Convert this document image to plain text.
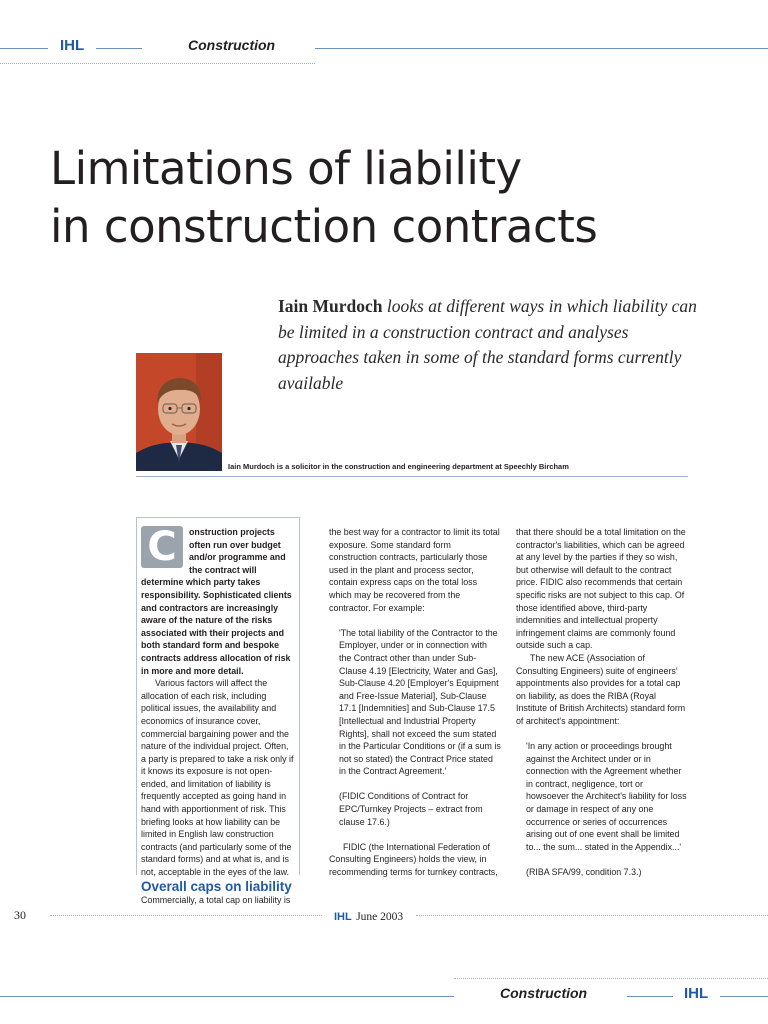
IHL	Construction
Limitations of liability
in construction contracts
Iain Murdoch looks at different ways in which liability can be limited in a construction contract and analyses approaches taken in some of the standard forms currently available
Iain Murdoch is a solicitor in the construction and engineering department at Speechly Bircham

C	onstruction projects often run over budget and/or programme and the contract will determine which party takes responsibility. Sophisticated clients and contractors are increasingly aware of the nature of the risks associated with their projects and both standard form and bespoke contracts address allocation of risk in more and more detail.

Various factors will affect the allocation of each risk, including political issues, the availability and economics of insurance cover, commercial bargaining power and the nature of the individual project. Often, a party is prepared to take a risk only if it knows its exposure is not open-ended, and limitation of liability is frequently accepted as going hand in hand with apportionment of risk. This briefing looks at how liability can be limited in English law construction contracts (and particularly some of the standard forms) and at what is, and is not, acceptable in the eyes of the law.

Overall caps on liability

Commercially, a total cap on liability is

the best way for a contractor to limit its total exposure. Some standard form construction contracts, particularly those used in the plant and process sector, contain express caps on the total loss which may be recovered from the contractor. For example:

'The total liability of the Contractor to the Employer, under or in connection with the Contract other than under Sub-Clause 4.19 [Electricity, Water and Gas], Sub-Clause 4.20 [Employer's Equipment and Free-Issue Material], Sub-Clause 17.1 [Indemnities] and Sub-Clause 17.5 [Intellectual and Industrial Property Rights], shall not exceed the sum stated in the Particular Conditions or (if a sum is not so stated) the Contract Price stated in the Contract Agreement.'

(FIDIC Conditions of Contract for EPC/Turnkey Projects – extract from clause 17.6.)

FIDIC (the International Federation of Consulting Engineers) holds the view, in recommending terms for turnkey contracts,

that there should be a total limitation on the contractor's liabilities, which can be agreed at any level by the parties if they so wish, but otherwise will default to the contract price. FIDIC also recommends that certain specific risks are not subject to this cap. Of those identified above, third-party indemnities and intellectual property infringement claims are commonly found outside such a cap.

The new ACE (Association of Consulting Engineers) suite of engineers' appointments also provides for a total cap on liability, as does the RIBA (Royal Institute of British Architects) standard form of architect's appointment:

'In any action or proceedings brought against the Architect under or in connection with the Agreement whether in contract, negligence, tort or howsoever the Architect's liability for loss or damage in respect of any one occurrence or series of occurrences arising out of one event shall be limited to... the sum... stated in the Appendix...'

(RIBA SFA/99, condition 7.3.)

30	IHL June 2003
Construction	IHL
